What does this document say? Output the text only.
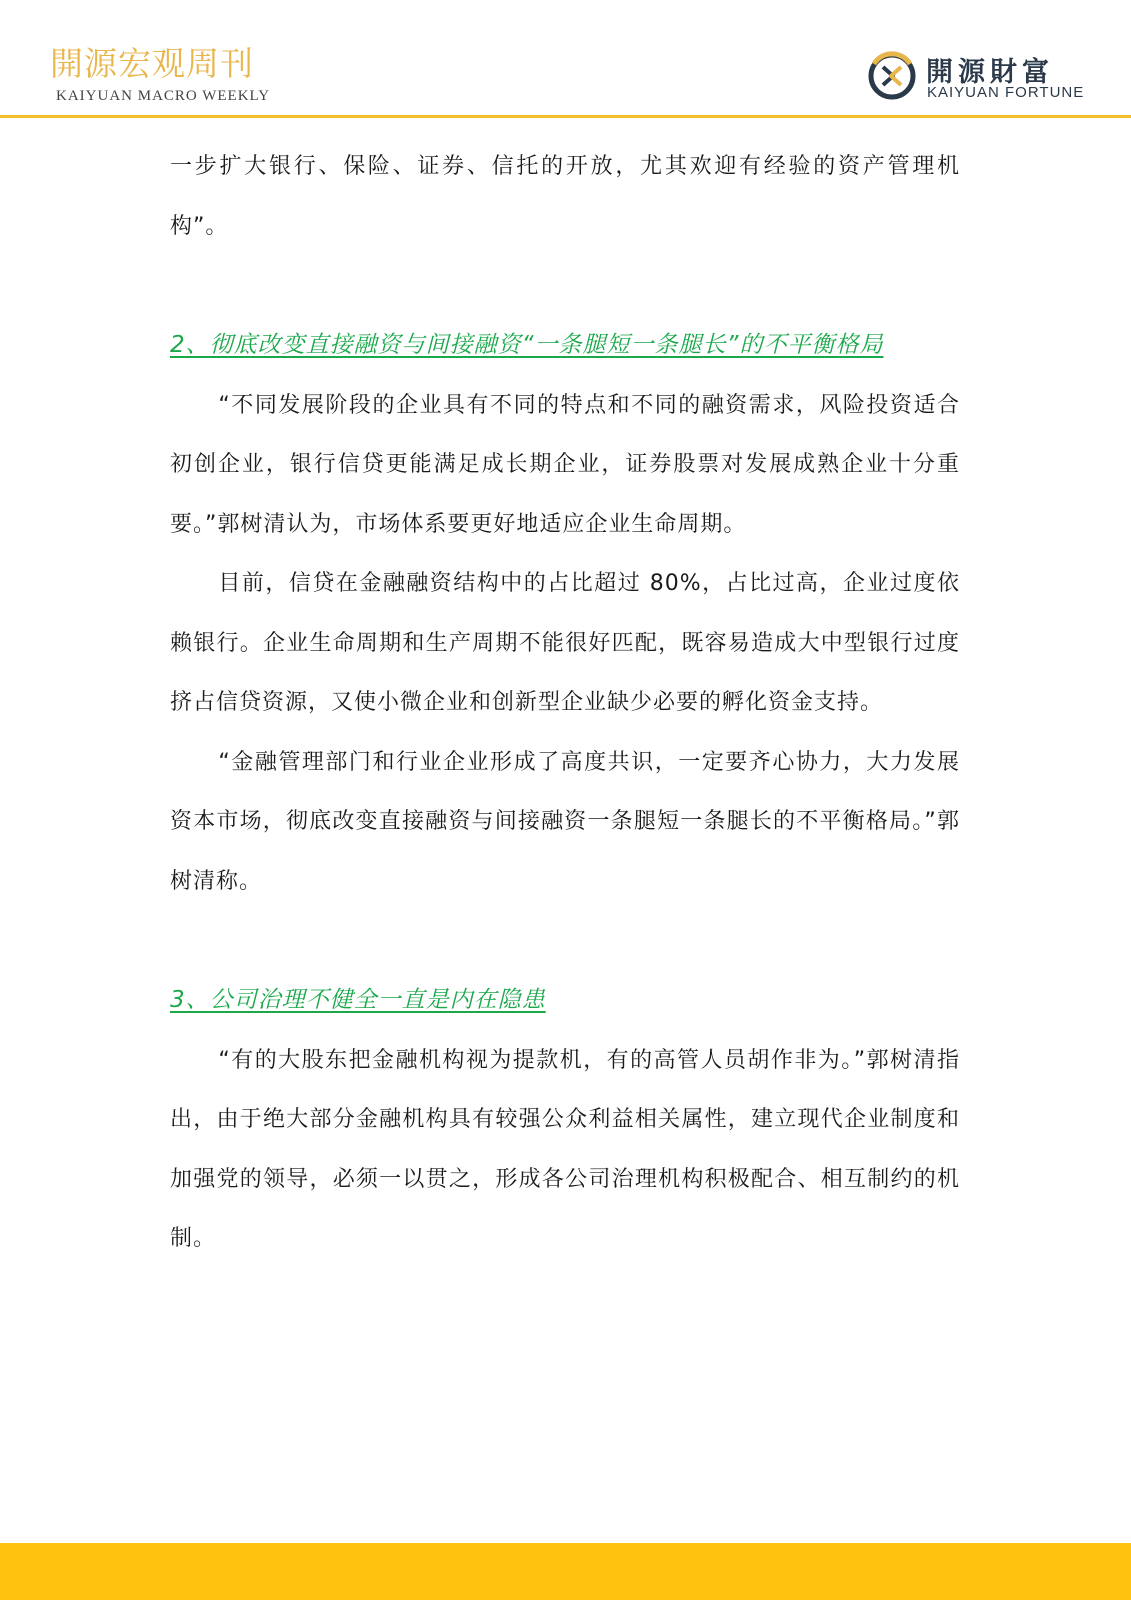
開源宏观周刊
KAIYUAN MACRO WEEKLY
開源財富
KAIYUAN FORTUNE

一步扩大银行、保险、证券、信托的开放，尤其欢迎有经验的资产管理机构”。

2、彻底改变直接融资与间接融资“一条腿短一条腿长”的不平衡格局

“不同发展阶段的企业具有不同的特点和不同的融资需求，风险投资适合初创企业，银行信贷更能满足成长期企业，证券股票对发展成熟企业十分重要。”郭树清认为，市场体系要更好地适应企业生命周期。

目前，信贷在金融融资结构中的占比超过 80%，占比过高，企业过度依赖银行。企业生命周期和生产周期不能很好匹配，既容易造成大中型银行过度挤占信贷资源，又使小微企业和创新型企业缺少必要的孵化资金支持。

“金融管理部门和行业企业形成了高度共识，一定要齐心协力，大力发展资本市场，彻底改变直接融资与间接融资一条腿短一条腿长的不平衡格局。”郭树清称。

3、公司治理不健全一直是内在隐患

“有的大股东把金融机构视为提款机，有的高管人员胡作非为。”郭树清指出，由于绝大部分金融机构具有较强公众利益相关属性，建立现代企业制度和加强党的领导，必须一以贯之，形成各公司治理机构积极配合、相互制约的机制。
